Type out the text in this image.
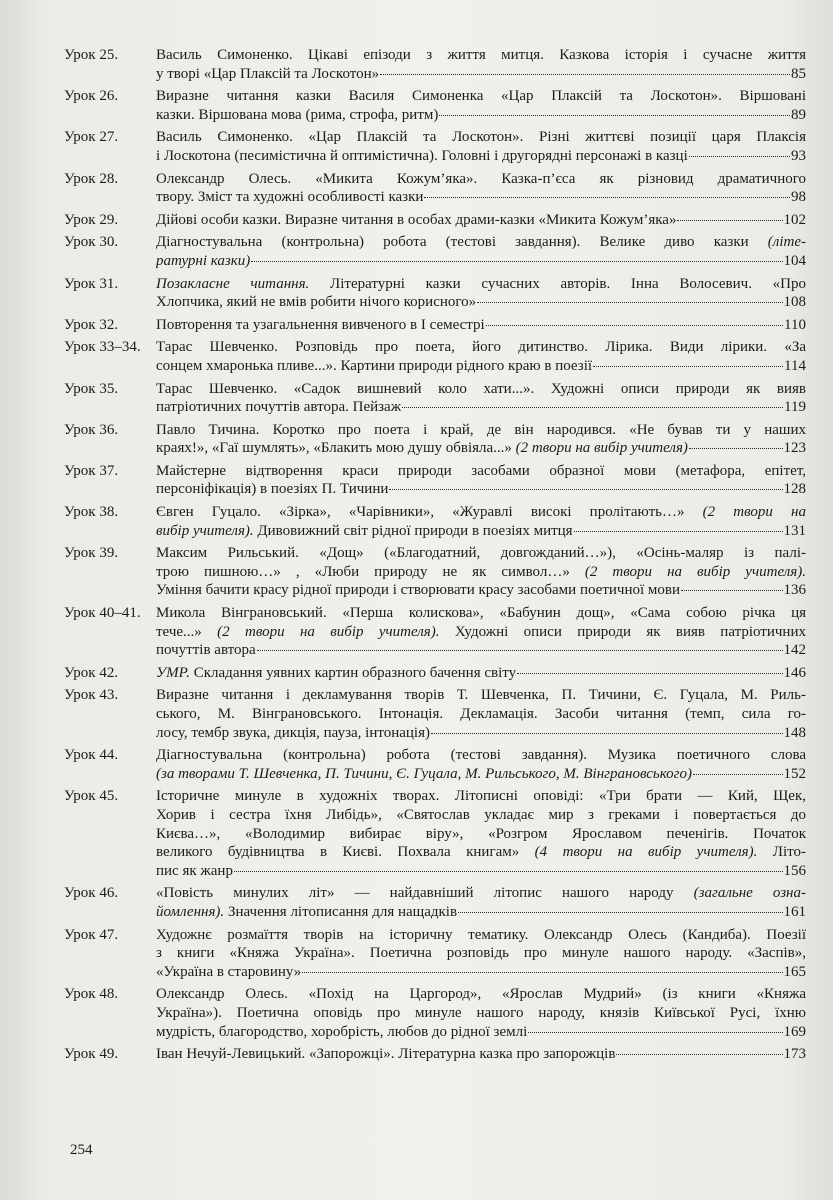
Урок 25.	Василь Симоненко. Цікаві епізоди з життя митця. Казкова історія і сучасне життя
у творі «Цар Плаксій та Лоскотон»	85
Урок 26.	Виразне читання казки Василя Симоненка «Цар Плаксій та Лоскотон». Віршовані
казки. Віршована мова (рима, строфа, ритм)	89
Урок 27.	Василь Симоненко. «Цар Плаксій та Лоскотон». Різні життєві позиції царя Плаксія
і Лоскотона (песимістична й оптимістична). Головні і другорядні персонажі в казці	93
Урок 28.	Олександр Олесь. «Микита Кожум’яка». Казка-п’єса як різновид драматичного
твору. Зміст та художні особливості казки	98
Урок 29.	Дійові особи казки. Виразне читання в особах драми-казки «Микита Кожум’яка»	102
Урок 30.	Діагностувальна (контрольна) робота (тестові завдання). Велике диво казки (літе-
ратурні казки)	104
Урок 31.	Позакласне читання. Літературні казки сучасних авторів. Інна Волосевич. «Про
Хлопчика, який не вмів робити нічого корисного»	108
Урок 32.	Повторення та узагальнення вивченого в І семестрі	110
Урок 33–34.	Тарас Шевченко. Розповідь про поета, його дитинство. Лірика. Види лірики. «За
сонцем хмаронька пливе...». Картини природи рідного краю в поезії	114
Урок 35.	Тарас Шевченко. «Садок вишневий коло хати...». Художні описи природи як вияв
патріотичних почуттів автора. Пейзаж	119
Урок 36.	Павло Тичина. Коротко про поета і край, де він народився. «Не бував ти у наших
краях!», «Гаї шумлять», «Блакить мою душу обвіяла...» (2 твори на вибір учителя)	123
Урок 37.	Майстерне відтворення краси природи засобами образної мови (метафора, епітет,
персоніфікація) в поезіях П. Тичини	128
Урок 38.	Євген Гуцало. «Зірка», «Чарівники», «Журавлі високі пролітають…» (2 твори на
вибір учителя). Дивовижний світ рідної природи в поезіях митця	131
Урок 39.	Максим Рильський. «Дощ» («Благодатний, довгожданий…»), «Осінь-маляр із палі-
трою пишною…» , «Люби природу не як символ…» (2 твори на вибір учителя).
Уміння бачити красу рідної природи і створювати красу засобами поетичної мови	136
Урок 40–41.	Микола Вінграновський. «Перша колискова», «Бабунин дощ», «Сама собою річка ця
тече...» (2 твори на вибір учителя). Художні описи природи як вияв патріотичних
почуттів автора	142
Урок 42.	УМР. Складання уявних картин образного бачення світу	146
Урок 43.	Виразне читання і декламування творів Т. Шевченка, П. Тичини, Є. Гуцала, М. Риль-
ського, М. Вінграновського. Інтонація. Декламація. Засоби читання (темп, сила го-
лосу, тембр звука, дикція, пауза, інтонація)	148
Урок 44.	Діагностувальна (контрольна) робота (тестові завдання). Музика поетичного слова
(за творами Т. Шевченка, П. Тичини, Є. Гуцала, М. Рильського, М. Вінграновського)	152
Урок 45.	Історичне минуле в художніх творах. Літописні оповіді: «Три брати — Кий, Щек,
Хорив і сестра їхня Либідь», «Святослав укладає мир з греками і повертається до
Києва…», «Володимир вибирає віру», «Розгром Ярославом печенігів. Початок
великого будівництва в Києві. Похвала книгам» (4 твори на вибір учителя). Літо-
пис як жанр	156
Урок 46.	«Повість минулих літ» — найдавніший літопис нашого народу (загальне озна-
йомлення). Значення літописання для нащадків	161
Урок 47.	Художнє розмаїття творів на історичну тематику. Олександр Олесь (Кандиба). Поезії
з книги «Княжа Україна». Поетична розповідь про минуле нашого народу. «Заспів»,
«Україна в старовину»	165
Урок 48.	Олександр Олесь. «Похід на Царгород», «Ярослав Мудрий» (із книги «Княжа
Україна»). Поетична оповідь про минуле нашого народу, князів Київської Русі, їхню
мудрість, благородство, хоробрість, любов до рідної землі	169
Урок 49.	Іван Нечуй-Левицький. «Запорожці». Літературна казка про запорожців	173
254
